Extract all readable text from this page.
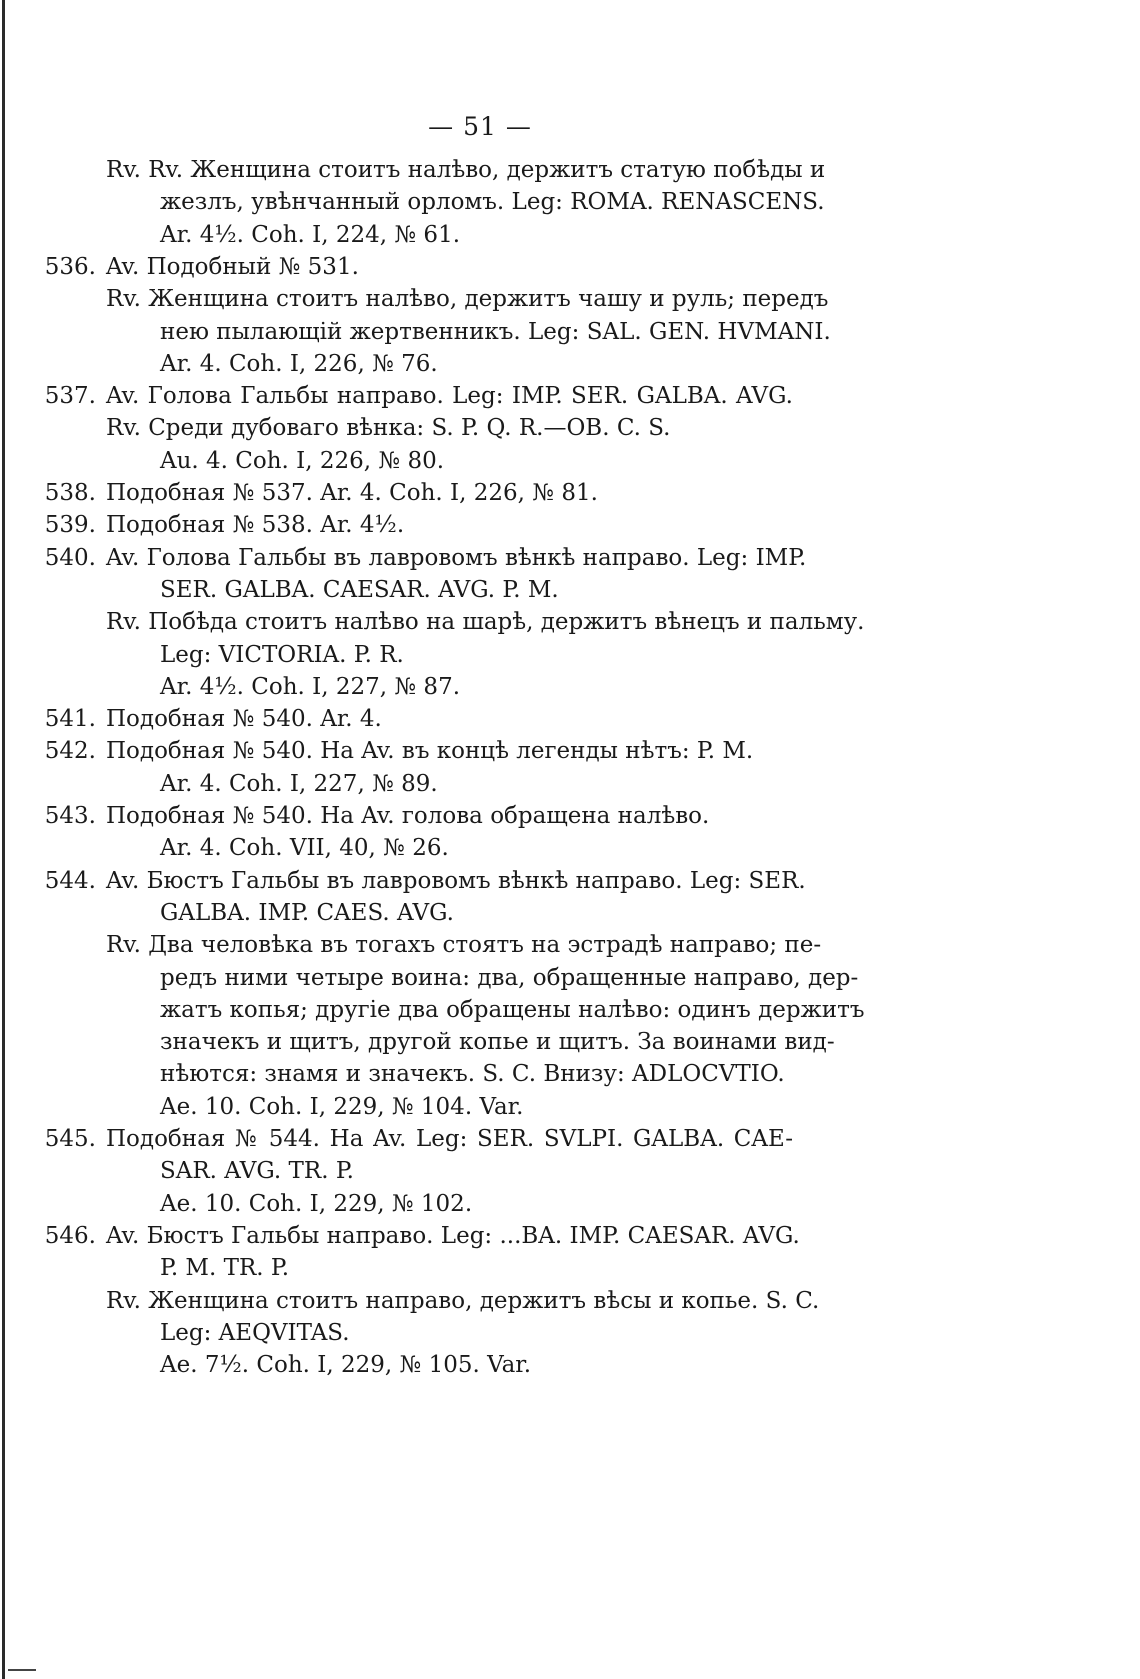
— 51 —
Rv. Rv. Женщина стоитъ налѣво, держитъ статую побѣды и
жезлъ, увѣнчанный орломъ. Leg: ROMA. RENASCENS.
Ar. 4½. Coh. I, 224, № 61.
536. Av. Подобный № 531.
Rv. Женщина стоитъ налѣво, держитъ чашу и руль; передъ
нею пылающій жертвенникъ. Leg: SAL. GEN. HVMANI.
Ar. 4. Coh. I, 226, № 76.
537. Av. Голова Гальбы направо. Leg: IMP. SER. GALBA. AVG.
Rv. Среди дубоваго вѣнка: S. P. Q. R.—OB. C. S.
Au. 4. Coh. I, 226, № 80.
538. Подобная № 537. Ar. 4. Coh. I, 226, № 81.
539. Подобная № 538. Ar. 4½.
540. Av. Голова Гальбы въ лавровомъ вѣнкѣ направо. Leg: IMP.
SER. GALBA. CAESAR. AVG. P. M.
Rv. Побѣда стоитъ налѣво на шарѣ, держитъ вѣнецъ и пальму.
Leg: VICTORIA. P. R.
Ar. 4½. Coh. I, 227, № 87.
541. Подобная № 540. Ar. 4.
542. Подобная № 540. На Av. въ концѣ легенды нѣтъ: P. M.
Ar. 4. Coh. I, 227, № 89.
543. Подобная № 540. На Av. голова обращена налѣво.
Ar. 4. Coh. VII, 40, № 26.
544. Av. Бюстъ Гальбы въ лавровомъ вѣнкѣ направо. Leg: SER.
GALBA. IMP. CAES. AVG.
Rv. Два человѣка въ тогахъ стоятъ на эстрадѣ направо; пе-
редъ ними четыре воина: два, обращенные направо, дер-
жатъ копья; другіе два обращены налѣво: одинъ держитъ
значекъ и щитъ, другой копье и щитъ. За воинами вид-
нѣются: знамя и значекъ. S. C. Внизу: ADLOCVTIO.
Ae. 10. Coh. I, 229, № 104. Var.
545. Подобная № 544. На Av. Leg: SER. SVLPI. GALBA. CAE-
SAR. AVG. TR. P.
Ae. 10. Coh. I, 229, № 102.
546. Av. Бюстъ Гальбы направо. Leg: ...BA. IMP. CAESAR. AVG.
P. M. TR. P.
Rv. Женщина стоитъ направо, держитъ вѣсы и копье. S. C.
Leg: AEQVITAS.
Ae. 7½. Coh. I, 229, № 105. Var.
